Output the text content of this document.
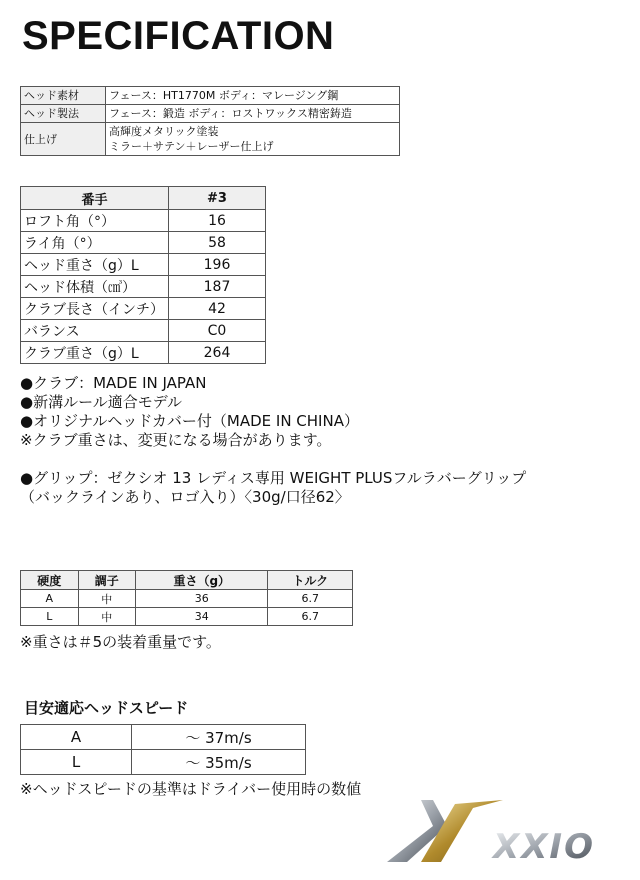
SPECIFICATION
ヘッド素材	フェース：HT1770M ボディ：マレージング鋼
ヘッド製法	フェース：鍛造 ボディ：ロストワックス精密鋳造
仕上げ	高輝度メタリック塗装
ミラー＋サテン＋レーザー仕上げ
番手	#3
ロフト角（°）	16
ライ角（°）	58
ヘッド重さ（g）L	196
ヘッド体積（㎤）	187
クラブ長さ（インチ）	42
バランス	C0
クラブ重さ（g）L	264
●クラブ：MADE IN JAPAN
●新溝ルール適合モデル
●オリジナルヘッドカバー付（MADE IN CHINA）
※クラブ重さは、変更になる場合があります。
●グリップ：ゼクシオ 13 レディス専用 WEIGHT PLUSフルラバーグリップ
（バックラインあり、ロゴ入り）〈30g/口径62〉
硬度	調子	重さ（g）	トルク
A	中	36	6.7
L	中	34	6.7
※重さは＃5の装着重量です。
目安適応ヘッドスピード
A	～ 37m/s
L	～ 35m/s
※ヘッドスピードの基準はドライバー使用時の数値
XXIO
